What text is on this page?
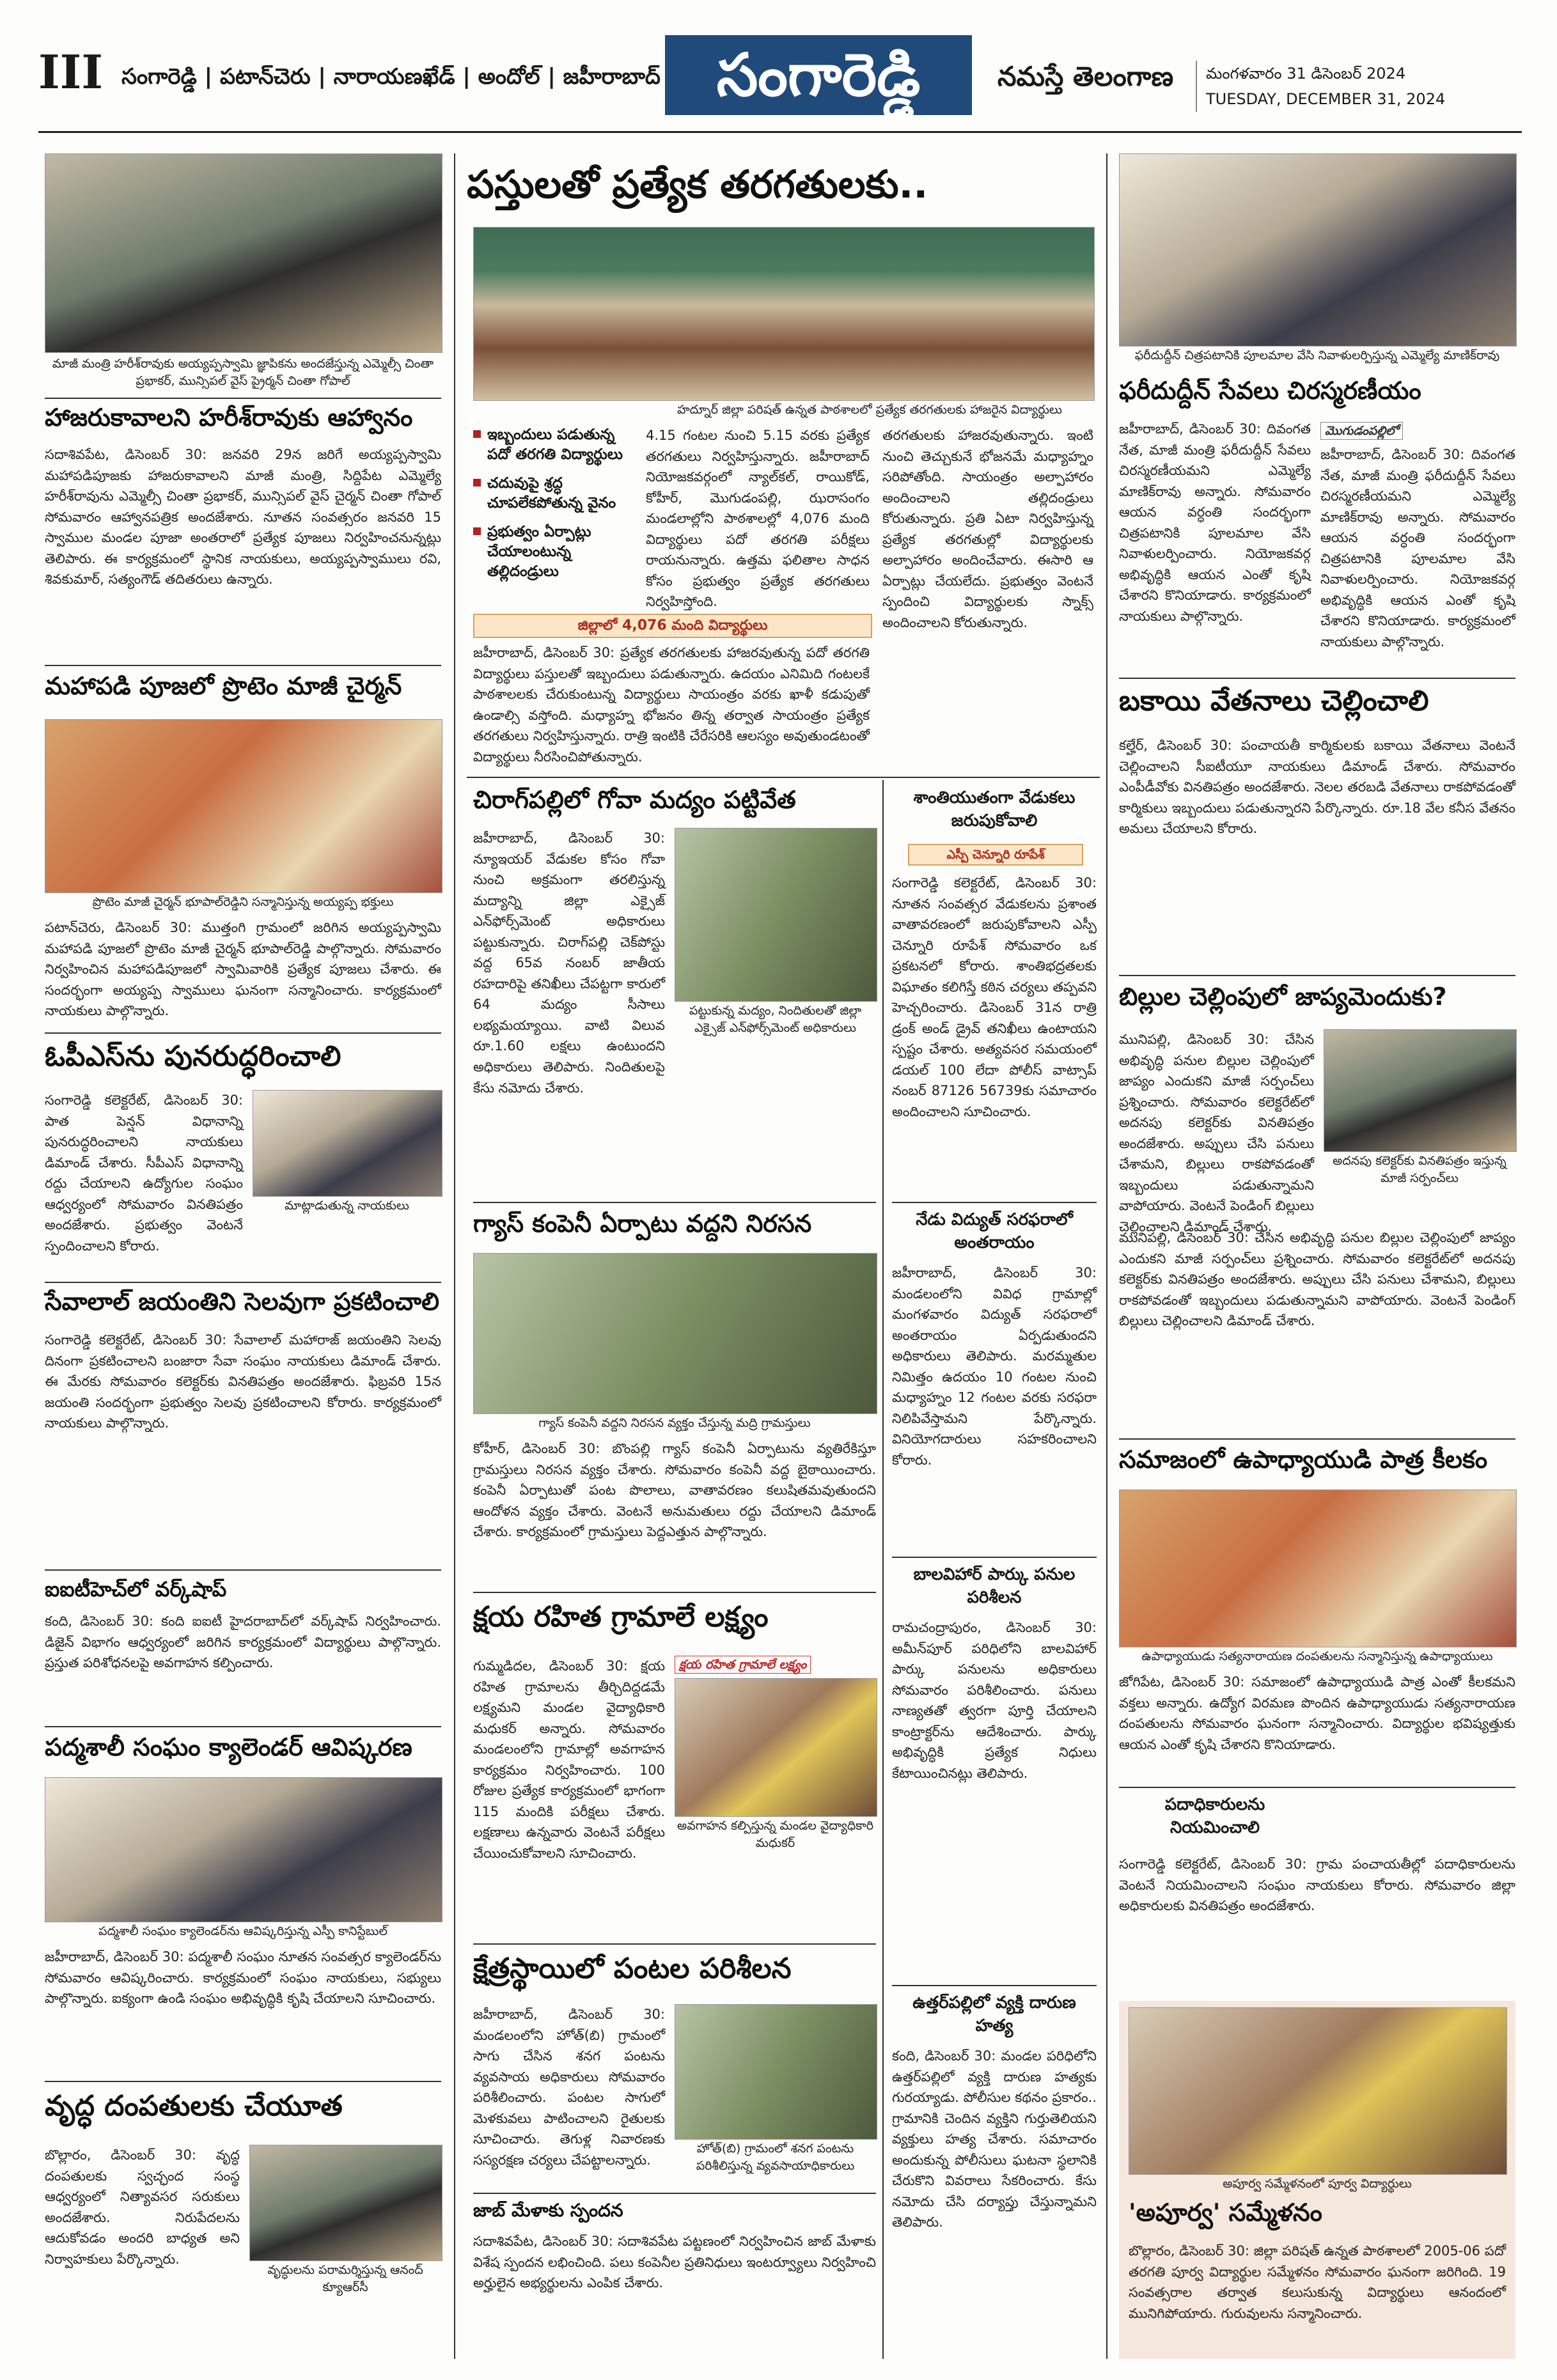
III సంగారెడ్డి | పటాన్‌చెరు | నారాయణఖేడ్ | అందోల్ | జహీరాబాద్ సంగారెడ్డి	నమస్తే తెలంగాణ మంగళవారం 31 డిసెంబర్ 2024
TUESDAY, DECEMBER 31, 2024
మాజీ మంత్రి హరీశ్‌రావుకు అయ్యప్పస్వామి జ్ఞాపికను అందజేస్తున్న ఎమ్మెల్సీ చింతా ప్రభాకర్, మున్సిపల్ వైస్ ప్రైర్మన్ చింతా గోపాల్
హాజరుకావాలని హరీశ్‌రావుకు ఆహ్వానం
సదాశివపేట, డిసెంబర్ 30: జనవరి 29న జరిగే అయ్యప్పస్వామి మహాపడిపూజకు హాజరుకావాలని మాజీ మంత్రి, సిద్దిపేట ఎమ్మెల్యే హరీశ్‌రావును ఎమ్మెల్సీ చింతా ప్రభాకర్, మున్సిపల్ వైస్ చైర్మన్ చింతా గోపాల్ సోమవారం ఆహ్వానపత్రిక అందజేశారు. నూతన సంవత్సరం జనవరి 15 స్వాముల మండల పూజా అంతరాలో ప్రత్యేక పూజలు నిర్వహించనున్నట్లు తెలిపారు. ఈ కార్యక్రమంలో స్థానిక నాయకులు, అయ్యప్పస్వాములు రవి, శివకుమార్, సత్యంగౌడ్ తదితరులు ఉన్నారు.
మహాపడి పూజలో ప్రొటెం మాజీ చైర్మన్
ప్రొటెం మాజీ చైర్మన్ భూపాల్‌రెడ్డిని సన్మానిస్తున్న అయ్యప్ప భక్తులు
పటాన్‌చెరు, డిసెంబర్ 30: ముత్తంగి గ్రామంలో జరిగిన అయ్యప్పస్వామి మహాపడి పూజలో ప్రొటెం మాజీ చైర్మన్ భూపాల్‌రెడ్డి పాల్గొన్నారు. సోమవారం నిర్వహించిన మహాపడిపూజలో స్వామివారికి ప్రత్యేక పూజలు చేశారు. ఈ సందర్భంగా అయ్యప్ప స్వాములు ఘనంగా సన్మానించారు. కార్యక్రమంలో నాయకులు పాల్గొన్నారు.
ఓపీఎస్‌ను పునరుద్ధరించాలి
మాట్లాడుతున్న నాయకులు
సంగారెడ్డి కలెక్టరేట్, డిసెంబర్ 30: పాత పెన్షన్ విధానాన్ని పునరుద్ధరించాలని నాయకులు డిమాండ్ చేశారు. సీపీఎస్ విధానాన్ని రద్దు చేయాలని ఉద్యోగుల సంఘం ఆధ్వర్యంలో సోమవారం వినతిపత్రం అందజేశారు. ప్రభుత్వం వెంటనే స్పందించాలని కోరారు.
సేవాలాల్ జయంతిని సెలవుగా ప్రకటించాలి
సంగారెడ్డి కలెక్టరేట్, డిసెంబర్ 30: సేవాలాల్ మహారాజ్ జయంతిని సెలవు దినంగా ప్రకటించాలని బంజారా సేవా సంఘం నాయకులు డిమాండ్ చేశారు. ఈ మేరకు సోమవారం కలెక్టర్‌కు వినతిపత్రం అందజేశారు. ఫిబ్రవరి 15న జయంతి సందర్భంగా ప్రభుత్వం సెలవు ప్రకటించాలని కోరారు. కార్యక్రమంలో నాయకులు పాల్గొన్నారు.
ఐఐటీహెచ్‌లో వర్క్‌షాప్
కంది, డిసెంబర్ 30: కంది ఐఐటీ హైదరాబాద్‌లో వర్క్‌షాప్ నిర్వహించారు. డిజైన్ విభాగం ఆధ్వర్యంలో జరిగిన కార్యక్రమంలో విద్యార్థులు పాల్గొన్నారు. ప్రస్తుత పరిశోధనలపై అవగాహన కల్పించారు.
పద్మశాలీ సంఘం క్యాలెండర్ ఆవిష్కరణ
పద్మశాలీ సంఘం క్యాలెండర్‌ను ఆవిష్కరిస్తున్న ఎస్పీ కానిస్టేబుల్
జహీరాబాద్, డిసెంబర్ 30: పద్మశాలీ సంఘం నూతన సంవత్సర క్యాలెండర్‌ను సోమవారం ఆవిష్కరించారు. కార్యక్రమంలో సంఘం నాయకులు, సభ్యులు పాల్గొన్నారు. ఐక్యంగా ఉండి సంఘం అభివృద్ధికి కృషి చేయాలని సూచించారు.
వృద్ధ దంపతులకు చేయూత
బొల్లారం, డిసెంబర్ 30: వృద్ధ దంపతులకు స్వచ్ఛంద సంస్థ ఆధ్వర్యంలో నిత్యావసర సరుకులు అందజేశారు. నిరుపేదలను ఆదుకోవడం అందరి బాధ్యత అని నిర్వాహకులు పేర్కొన్నారు.
వృద్ధులను పరామర్శిస్తున్న ఆనంద్ క్యూఆర్‌సీ
పస్తులతో ప్రత్యేక తరగతులకు..
హద్నూర్ జిల్లా పరిషత్ ఉన్నత పాఠశాలలో ప్రత్యేక తరగతులకు హాజరైన విద్యార్థులు
ఇబ్బందులు పడుతున్న పదో తరగతి విద్యార్థులు
చదువుపై శ్రద్ధ చూపలేకపోతున్న వైనం
ప్రభుత్వం ఏర్పాట్లు చేయాలంటున్న తల్లిదండ్రులు
4.15 గంటల నుంచి 5.15 వరకు ప్రత్యేక తరగతులు నిర్వహిస్తున్నారు. జహీరాబాద్ నియోజకవర్గంలో న్యాల్‌కల్, రాయికోడ్, కోహీర్, మొగుడంపల్లి, ఝరాసంగం మండలాల్లోని పాఠశాలల్లో 4,076 మంది విద్యార్థులు పదో తరగతి పరీక్షలు రాయనున్నారు. ఉత్తమ ఫలితాల సాధన కోసం ప్రభుత్వం ప్రత్యేక తరగతులు నిర్వహిస్తోంది.
జిల్లాలో 4,076 మంది విద్యార్థులు
జహీరాబాద్, డిసెంబర్ 30: ప్రత్యేక తరగతులకు హాజరవుతున్న పదో తరగతి విద్యార్థులు పస్తులతో ఇబ్బందులు పడుతున్నారు. ఉదయం ఎనిమిది గంటలకే పాఠశాలలకు చేరుకుంటున్న విద్యార్థులు సాయంత్రం వరకు ఖాళీ కడుపుతో ఉండాల్సి వస్తోంది. మధ్యాహ్న భోజనం తిన్న తర్వాత సాయంత్రం ప్రత్యేక తరగతులు నిర్వహిస్తున్నారు. రాత్రి ఇంటికి చేరేసరికి ఆలస్యం అవుతుండటంతో విద్యార్థులు నీరసించిపోతున్నారు.
తరగతులకు హాజరవుతున్నారు. ఇంటి నుంచి తెచ్చుకునే భోజనమే మధ్యాహ్నం సరిపోతోంది. సాయంత్రం అల్పాహారం అందించాలని తల్లిదండ్రులు కోరుతున్నారు. ప్రతి ఏటా నిర్వహిస్తున్న ప్రత్యేక తరగతుల్లో విద్యార్థులకు అల్పాహారం అందించేవారు. ఈసారి ఆ ఏర్పాట్లు చేయలేదు. ప్రభుత్వం వెంటనే స్పందించి విద్యార్థులకు స్నాక్స్ అందించాలని కోరుతున్నారు.
చిరాగ్‌పల్లిలో గోవా మద్యం పట్టివేత
జహీరాబాద్, డిసెంబర్ 30: న్యూఇయర్ వేడుకల కోసం గోవా నుంచి అక్రమంగా తరలిస్తున్న మద్యాన్ని జిల్లా ఎక్సైజ్ ఎన్‌ఫోర్స్‌మెంట్ అధికారులు పట్టుకున్నారు. చిరాగ్‌పల్లి చెక్‌పోస్టు వద్ద 65వ నంబర్ జాతీయ రహదారిపై తనిఖీలు చేపట్టగా కారులో 64 మద్యం సీసాలు లభ్యమయ్యాయి. వాటి విలువ రూ.1.60 లక్షలు ఉంటుందని అధికారులు తెలిపారు. నిందితులపై కేసు నమోదు చేశారు.
పట్టుకున్న మద్యం, నిందితులతో జిల్లా ఎక్సైజ్ ఎన్‌ఫోర్స్‌మెంట్ అధికారులు
గ్యాస్ కంపెనీ ఏర్పాటు వద్దని నిరసన
గ్యాస్ కంపెనీ వద్దని నిరసన వ్యక్తం చేస్తున్న మద్రి గ్రామస్తులు
కోహీర్, డిసెంబర్ 30: బొంపల్లి గ్యాస్ కంపెనీ ఏర్పాటును వ్యతిరేకిస్తూ గ్రామస్తులు నిరసన వ్యక్తం చేశారు. సోమవారం కంపెనీ వద్ద బైఠాయించారు. కంపెనీ ఏర్పాటుతో పంట పొలాలు, వాతావరణం కలుషితమవుతుందని ఆందోళన వ్యక్తం చేశారు. వెంటనే అనుమతులు రద్దు చేయాలని డిమాండ్ చేశారు. కార్యక్రమంలో గ్రామస్తులు పెద్దఎత్తున పాల్గొన్నారు.
క్షయ రహిత గ్రామాలే లక్ష్యం
క్షయ రహిత గ్రామాలే లక్ష్యం
అవగాహన కల్పిస్తున్న మండల వైద్యాధికారి మధుకర్
గుమ్మడిదల, డిసెంబర్ 30: క్షయ రహిత గ్రామాలను తీర్చిదిద్దడమే లక్ష్యమని మండల వైద్యాధికారి మధుకర్ అన్నారు. సోమవారం మండలంలోని గ్రామాల్లో అవగాహన కార్యక్రమం నిర్వహించారు. 100 రోజుల ప్రత్యేక కార్యక్రమంలో భాగంగా 115 మందికి పరీక్షలు చేశారు. లక్షణాలు ఉన్నవారు వెంటనే పరీక్షలు చేయించుకోవాలని సూచించారు.
క్షేత్రస్థాయిలో పంటల పరిశీలన
జహీరాబాద్, డిసెంబర్ 30: మండలంలోని హోత్(బి) గ్రామంలో సాగు చేసిన శనగ పంటను వ్యవసాయ అధికారులు సోమవారం పరిశీలించారు. పంటల సాగులో మెళకువలు పాటించాలని రైతులకు సూచించారు. తెగుళ్ల నివారణకు సస్యరక్షణ చర్యలు చేపట్టాలన్నారు.
హోత్(బి) గ్రామంలో శనగ పంటను పరిశీలిస్తున్న వ్యవసాయాధికారులు
జాబ్ మేళాకు స్పందన
సదాశివపేట, డిసెంబర్ 30: సదాశివపేట పట్టణంలో నిర్వహించిన జాబ్ మేళాకు విశేష స్పందన లభించింది. పలు కంపెనీల ప్రతినిధులు ఇంటర్వ్యూలు నిర్వహించి అర్హులైన అభ్యర్థులను ఎంపిక చేశారు.
శాంతియుతంగా వేడుకలు జరుపుకోవాలి
ఎస్పీ చెన్నూరి రూపేశ్
సంగారెడ్డి కలెక్టరేట్, డిసెంబర్ 30: నూతన సంవత్సర వేడుకలను ప్రశాంత వాతావరణంలో జరుపుకోవాలని ఎస్పీ చెన్నూరి రూపేశ్ సోమవారం ఒక ప్రకటనలో కోరారు. శాంతిభద్రతలకు విఘాతం కలిగిస్తే కఠిన చర్యలు తప్పవని హెచ్చరించారు. డిసెంబర్ 31న రాత్రి డ్రంక్ అండ్ డ్రైవ్ తనిఖీలు ఉంటాయని స్పష్టం చేశారు. అత్యవసర సమయంలో డయల్ 100 లేదా పోలీస్ వాట్సాప్ నంబర్ 87126 56739కు సమాచారం అందించాలని సూచించారు.
నేడు విద్యుత్ సరఫరాలో అంతరాయం
జహీరాబాద్, డిసెంబర్ 30: మండలంలోని వివిధ గ్రామాల్లో మంగళవారం విద్యుత్ సరఫరాలో అంతరాయం ఏర్పడుతుందని అధికారులు తెలిపారు. మరమ్మతుల నిమిత్తం ఉదయం 10 గంటల నుంచి మధ్యాహ్నం 12 గంటల వరకు సరఫరా నిలిపివేస్తామని పేర్కొన్నారు. వినియోగదారులు సహకరించాలని కోరారు.
బాలవిహార్ పార్కు పనుల పరిశీలన
రామచంద్రాపురం, డిసెంబర్ 30: అమీన్‌పూర్ పరిధిలోని బాలవిహార్ పార్కు పనులను అధికారులు సోమవారం పరిశీలించారు. పనులు నాణ్యతతో త్వరగా పూర్తి చేయాలని కాంట్రాక్టర్‌ను ఆదేశించారు. పార్కు అభివృద్ధికి ప్రత్యేక నిధులు కేటాయించినట్లు తెలిపారు.
ఉత్తర్‌పల్లిలో వ్యక్తి దారుణ హత్య
కంది, డిసెంబర్ 30: మండల పరిధిలోని ఉత్తర్‌పల్లిలో వ్యక్తి దారుణ హత్యకు గురయ్యాడు. పోలీసుల కథనం ప్రకారం.. గ్రామానికి చెందిన వ్యక్తిని గుర్తుతెలియని వ్యక్తులు హత్య చేశారు. సమాచారం అందుకున్న పోలీసులు ఘటనా స్థలానికి చేరుకొని వివరాలు సేకరించారు. కేసు నమోదు చేసి దర్యాప్తు చేస్తున్నామని తెలిపారు.
ఫరీదుద్దీన్ చిత్రపటానికి పూలమాల వేసి నివాళులర్పిస్తున్న ఎమ్మెల్యే మాణిక్‌రావు
ఫరీదుద్దీన్ సేవలు చిరస్మరణీయం
జహీరాబాద్, డిసెంబర్ 30: దివంగత నేత, మాజీ మంత్రి ఫరీదుద్దీన్ సేవలు చిరస్మరణీయమని ఎమ్మెల్యే మాణిక్‌రావు అన్నారు. సోమవారం ఆయన వర్ధంతి సందర్భంగా చిత్రపటానికి పూలమాల వేసి నివాళులర్పించారు. నియోజకవర్గ అభివృద్ధికి ఆయన ఎంతో కృషి చేశారని కొనియాడారు. కార్యక్రమంలో నాయకులు పాల్గొన్నారు.
మొగుడంపల్లిలో
జహీరాబాద్, డిసెంబర్ 30: దివంగత నేత, మాజీ మంత్రి ఫరీదుద్దీన్ సేవలు చిరస్మరణీయమని ఎమ్మెల్యే మాణిక్‌రావు అన్నారు. సోమవారం ఆయన వర్ధంతి సందర్భంగా చిత్రపటానికి పూలమాల వేసి నివాళులర్పించారు. నియోజకవర్గ అభివృద్ధికి ఆయన ఎంతో కృషి చేశారని కొనియాడారు. కార్యక్రమంలో నాయకులు పాల్గొన్నారు.
బకాయి వేతనాలు చెల్లించాలి
కల్హేర్, డిసెంబర్ 30: పంచాయతీ కార్మికులకు బకాయి వేతనాలు వెంటనే చెల్లించాలని సీఐటీయూ నాయకులు డిమాండ్ చేశారు. సోమవారం ఎంపీడీవోకు వినతిపత్రం అందజేశారు. నెలల తరబడి వేతనాలు రాకపోవడంతో కార్మికులు ఇబ్బందులు పడుతున్నారని పేర్కొన్నారు. రూ.18 వేల కనీస వేతనం అమలు చేయాలని కోరారు.
బిల్లుల చెల్లింపులో జాప్యమెందుకు?
మునిపల్లి, డిసెంబర్ 30: చేసిన అభివృద్ధి పనుల బిల్లుల చెల్లింపులో జాప్యం ఎందుకని మాజీ సర్పంచ్‌లు ప్రశ్నించారు. సోమవారం కలెక్టరేట్‌లో అదనపు కలెక్టర్‌కు వినతిపత్రం అందజేశారు. అప్పులు చేసి పనులు చేశామని, బిల్లులు రాకపోవడంతో ఇబ్బందులు పడుతున్నామని వాపోయారు. వెంటనే పెండింగ్ బిల్లులు చెల్లించాలని డిమాండ్ చేశారు.
అదనపు కలెక్టర్‌కు వినతిపత్రం ఇస్తున్న మాజీ సర్పంచ్‌లు
మునిపల్లి, డిసెంబర్ 30: చేసిన అభివృద్ధి పనుల బిల్లుల చెల్లింపులో జాప్యం ఎందుకని మాజీ సర్పంచ్‌లు ప్రశ్నించారు. సోమవారం కలెక్టరేట్‌లో అదనపు కలెక్టర్‌కు వినతిపత్రం అందజేశారు. అప్పులు చేసి పనులు చేశామని, బిల్లులు రాకపోవడంతో ఇబ్బందులు పడుతున్నామని వాపోయారు. వెంటనే పెండింగ్ బిల్లులు చెల్లించాలని డిమాండ్ చేశారు.
సమాజంలో ఉపాధ్యాయుడి పాత్ర కీలకం
ఉపాధ్యాయుడు సత్యనారాయణ దంపతులను సన్మానిస్తున్న ఉపాధ్యాయులు
జోగిపేట, డిసెంబర్ 30: సమాజంలో ఉపాధ్యాయుడి పాత్ర ఎంతో కీలకమని వక్తలు అన్నారు. ఉద్యోగ విరమణ పొందిన ఉపాధ్యాయుడు సత్యనారాయణ దంపతులను సోమవారం ఘనంగా సన్మానించారు. విద్యార్థుల భవిష్యత్తుకు ఆయన ఎంతో కృషి చేశారని కొనియాడారు.
పదాధికారులను నియమించాలి
సంగారెడ్డి కలెక్టరేట్, డిసెంబర్ 30: గ్రామ పంచాయతీల్లో పదాధికారులను వెంటనే నియమించాలని సంఘం నాయకులు కోరారు. సోమవారం జిల్లా అధికారులకు వినతిపత్రం అందజేశారు.
అపూర్వ సమ్మేళనంలో పూర్వ విద్యార్థులు
'అపూర్వ' సమ్మేళనం
బొల్లారం, డిసెంబర్ 30: జిల్లా పరిషత్ ఉన్నత పాఠశాలలో 2005-06 పదో తరగతి పూర్వ విద్యార్థుల సమ్మేళనం సోమవారం ఘనంగా జరిగింది. 19 సంవత్సరాల తర్వాత కలుసుకున్న విద్యార్థులు ఆనందంలో మునిగిపోయారు. గురువులను సన్మానించారు.
